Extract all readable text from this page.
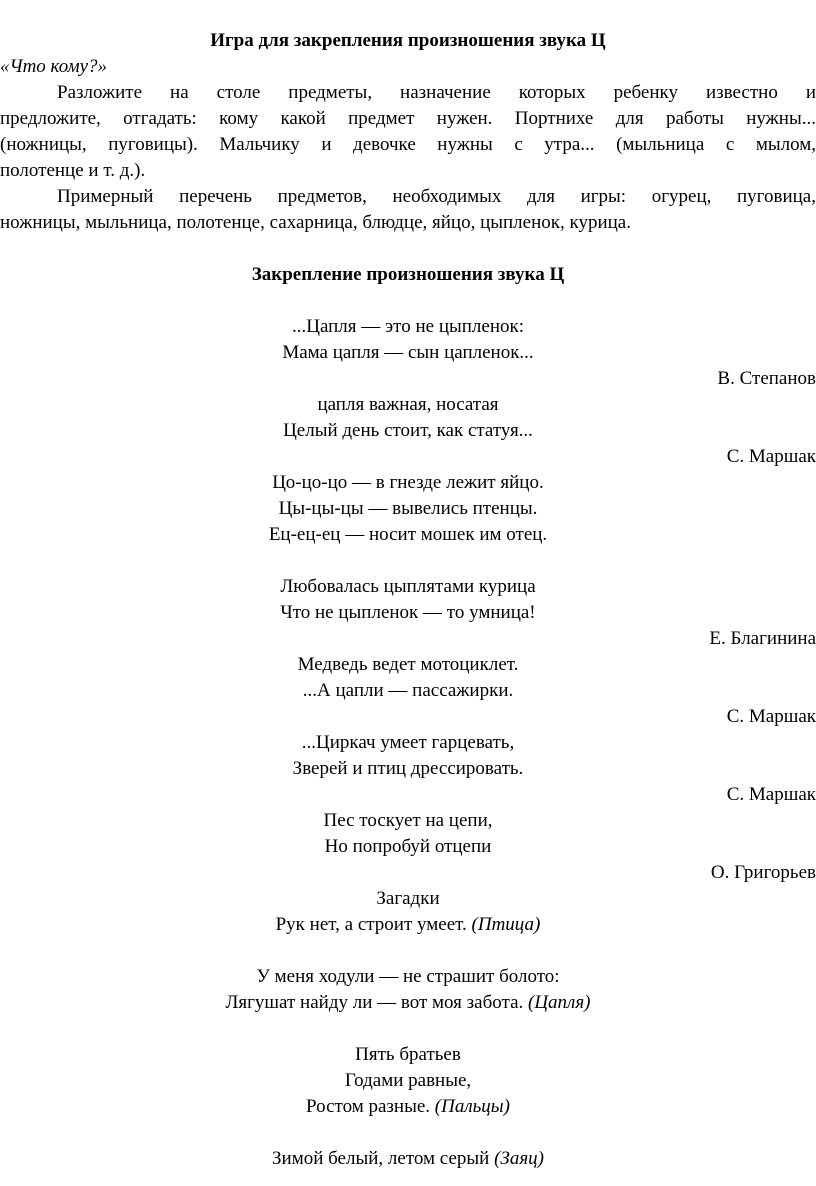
Игра для закрепления произношения звука Ц
«Что кому?»
Разложите на столе предметы, назначение которых ребенку известно и
предложите, отгадать: кому какой предмет нужен. Портнихе для работы нужны...
(ножницы, пуговицы). Мальчику и девочке нужны с утра... (мыльница с мылом,
полотенце и т. д.).
Примерный перечень предметов, необходимых для игры: огурец, пуговица,
ножницы, мыльница, полотенце, сахарница, блюдце, яйцо, цыпленок, курица.
Закрепление произношения звука Ц
...Цапля — это не цыпленок:
Мама цапля — сын цапленок...
В. Степанов
цапля важная, носатая
Целый день стоит, как статуя...
С. Маршак
Цо-цо-цо — в гнезде лежит яйцо.
Цы-цы-цы — вывелись птенцы.
Ец-ец-ец — носит мошек им отец.
Любовалась цыплятами курица
Что не цыпленок — то умница!
Е. Благинина
Медведь ведет мотоциклет.
...А цапли — пассажирки.
С. Маршак
...Циркач умеет гарцевать,
Зверей и птиц дрессировать.
С. Маршак
Пес тоскует на цепи,
Но попробуй отцепи
О. Григорьев
Загадки
Рук нет, а строит умеет. (Птица)
У меня ходули — не страшит болото:
Лягушат найду ли — вот моя забота. (Цапля)
Пять братьев
Годами равные,
Ростом разные. (Пальцы)
Зимой белый, летом серый (Заяц)
